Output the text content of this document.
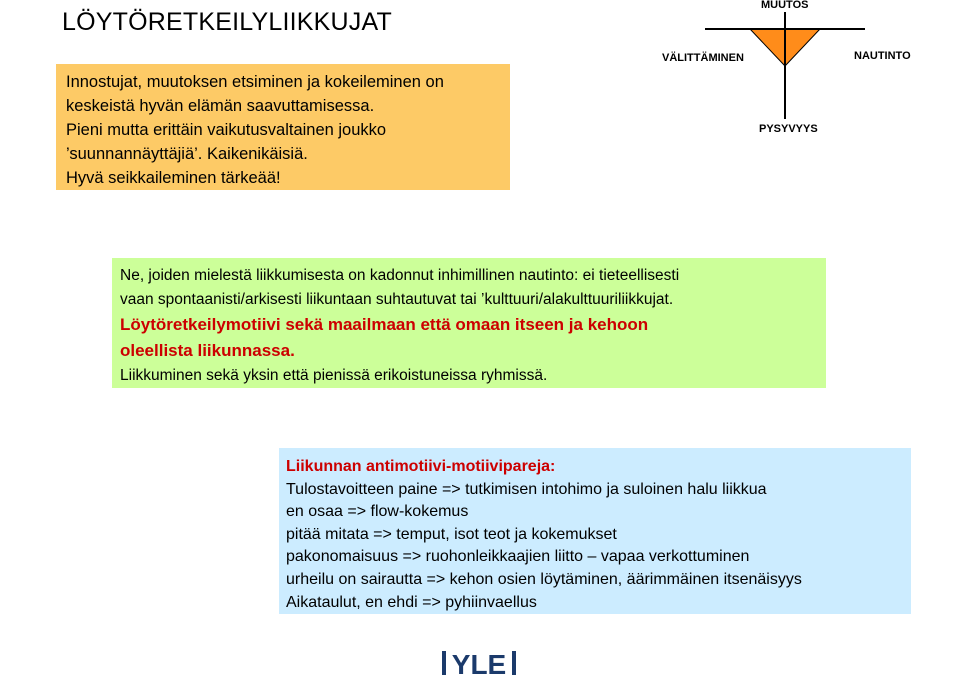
LÖYTÖRETKEILYLIIKKUJAT
Innostujat, muutoksen etsiminen ja kokeileminen on
keskeistä hyvän elämän saavuttamisessa.
Pieni mutta erittäin vaikutusvaltainen joukko
’suunnannäyttäjiä’. Kaikenikäisiä.
Hyvä seikkaileminen tärkeää!
MUUTOS
VÄLITTÄMINEN	NAUTINTO
PYSYVYYS
Ne, joiden mielestä liikkumisesta on kadonnut inhimillinen nautinto: ei tieteellisesti
vaan spontaanisti/arkisesti liikuntaan suhtautuvat tai ’kulttuuri/alakulttuuriliikkujat.
Löytöretkeilymotiivi sekä maailmaan että omaan itseen ja kehoon
oleellista liikunnassa.
Liikkuminen sekä yksin että pienissä erikoistuneissa ryhmissä.
Liikunnan antimotiivi-motiivipareja:
Tulostavoitteen paine => tutkimisen intohimo ja suloinen halu liikkua
en osaa => flow-kokemus
pitää mitata => temput, isot teot ja kokemukset
pakonomaisuus => ruohonleikkaajien liitto – vapaa verkottuminen
urheilu on sairautta => kehon osien löytäminen, äärimmäinen itsenäisyys
Aikataulut, en ehdi => pyhiinvaellus
YLE
